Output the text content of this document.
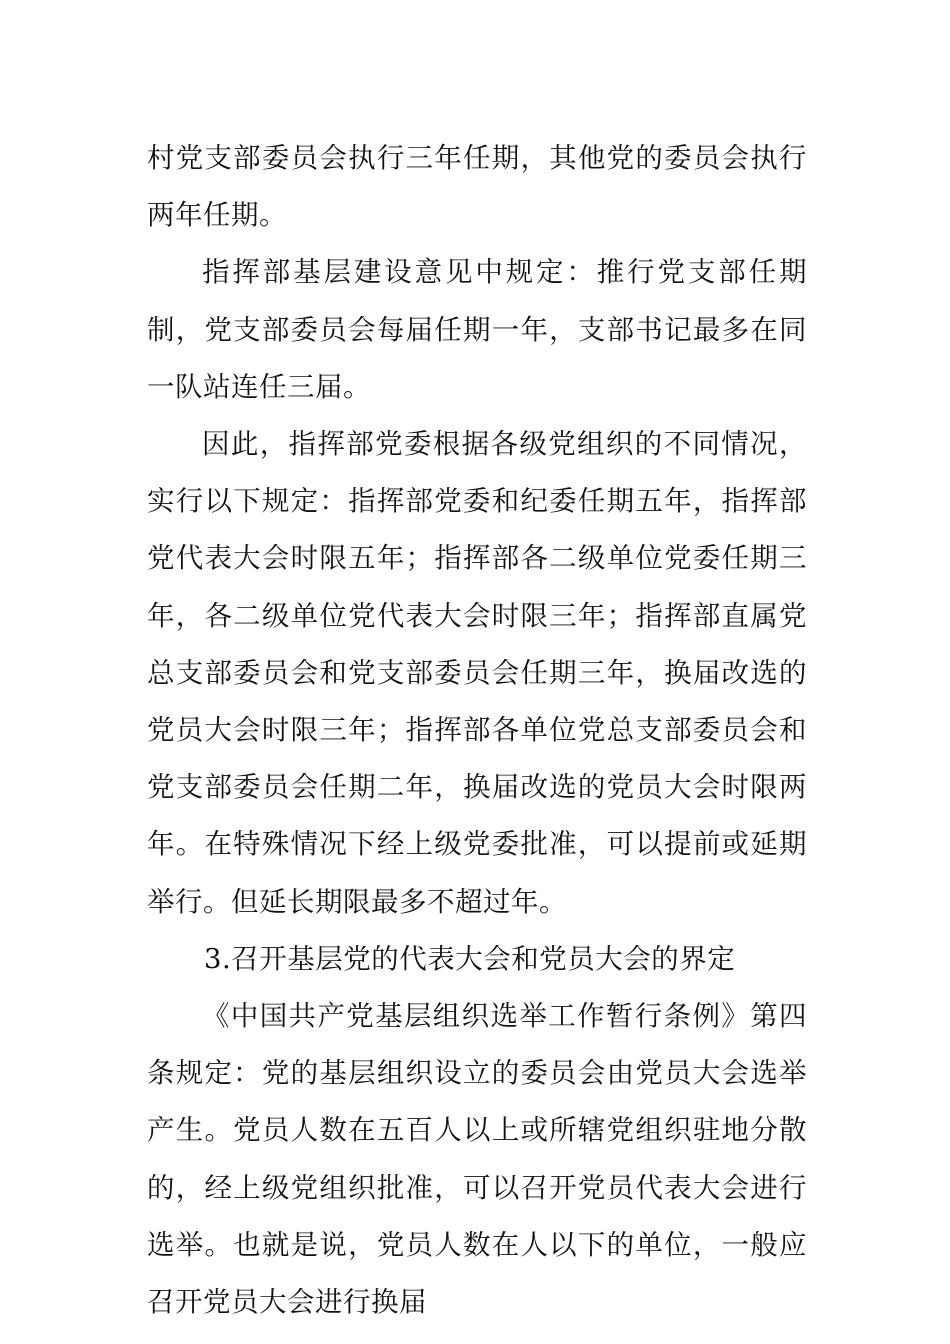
村党支部委员会执行三年任期，其他党的委员会执行两年任期。

指挥部基层建设意见中规定：推行党支部任期制，党支部委员会每届任期一年，支部书记最多在同一队站连任三届。

因此，指挥部党委根据各级党组织的不同情况，实行以下规定：指挥部党委和纪委任期五年，指挥部党代表大会时限五年；指挥部各二级单位党委任期三年，各二级单位党代表大会时限三年；指挥部直属党总支部委员会和党支部委员会任期三年，换届改选的党员大会时限三年；指挥部各单位党总支部委员会和党支部委员会任期二年，换届改选的党员大会时限两年。在特殊情况下经上级党委批准，可以提前或延期举行。但延长期限最多不超过年。

3.召开基层党的代表大会和党员大会的界定

《中国共产党基层组织选举工作暂行条例》第四条规定：党的基层组织设立的委员会由党员大会选举产生。党员人数在五百人以上或所辖党组织驻地分散的，经上级党组织批准，可以召开党员代表大会进行选举。也就是说，党员人数在人以下的单位，一般应召开党员大会进行换届
